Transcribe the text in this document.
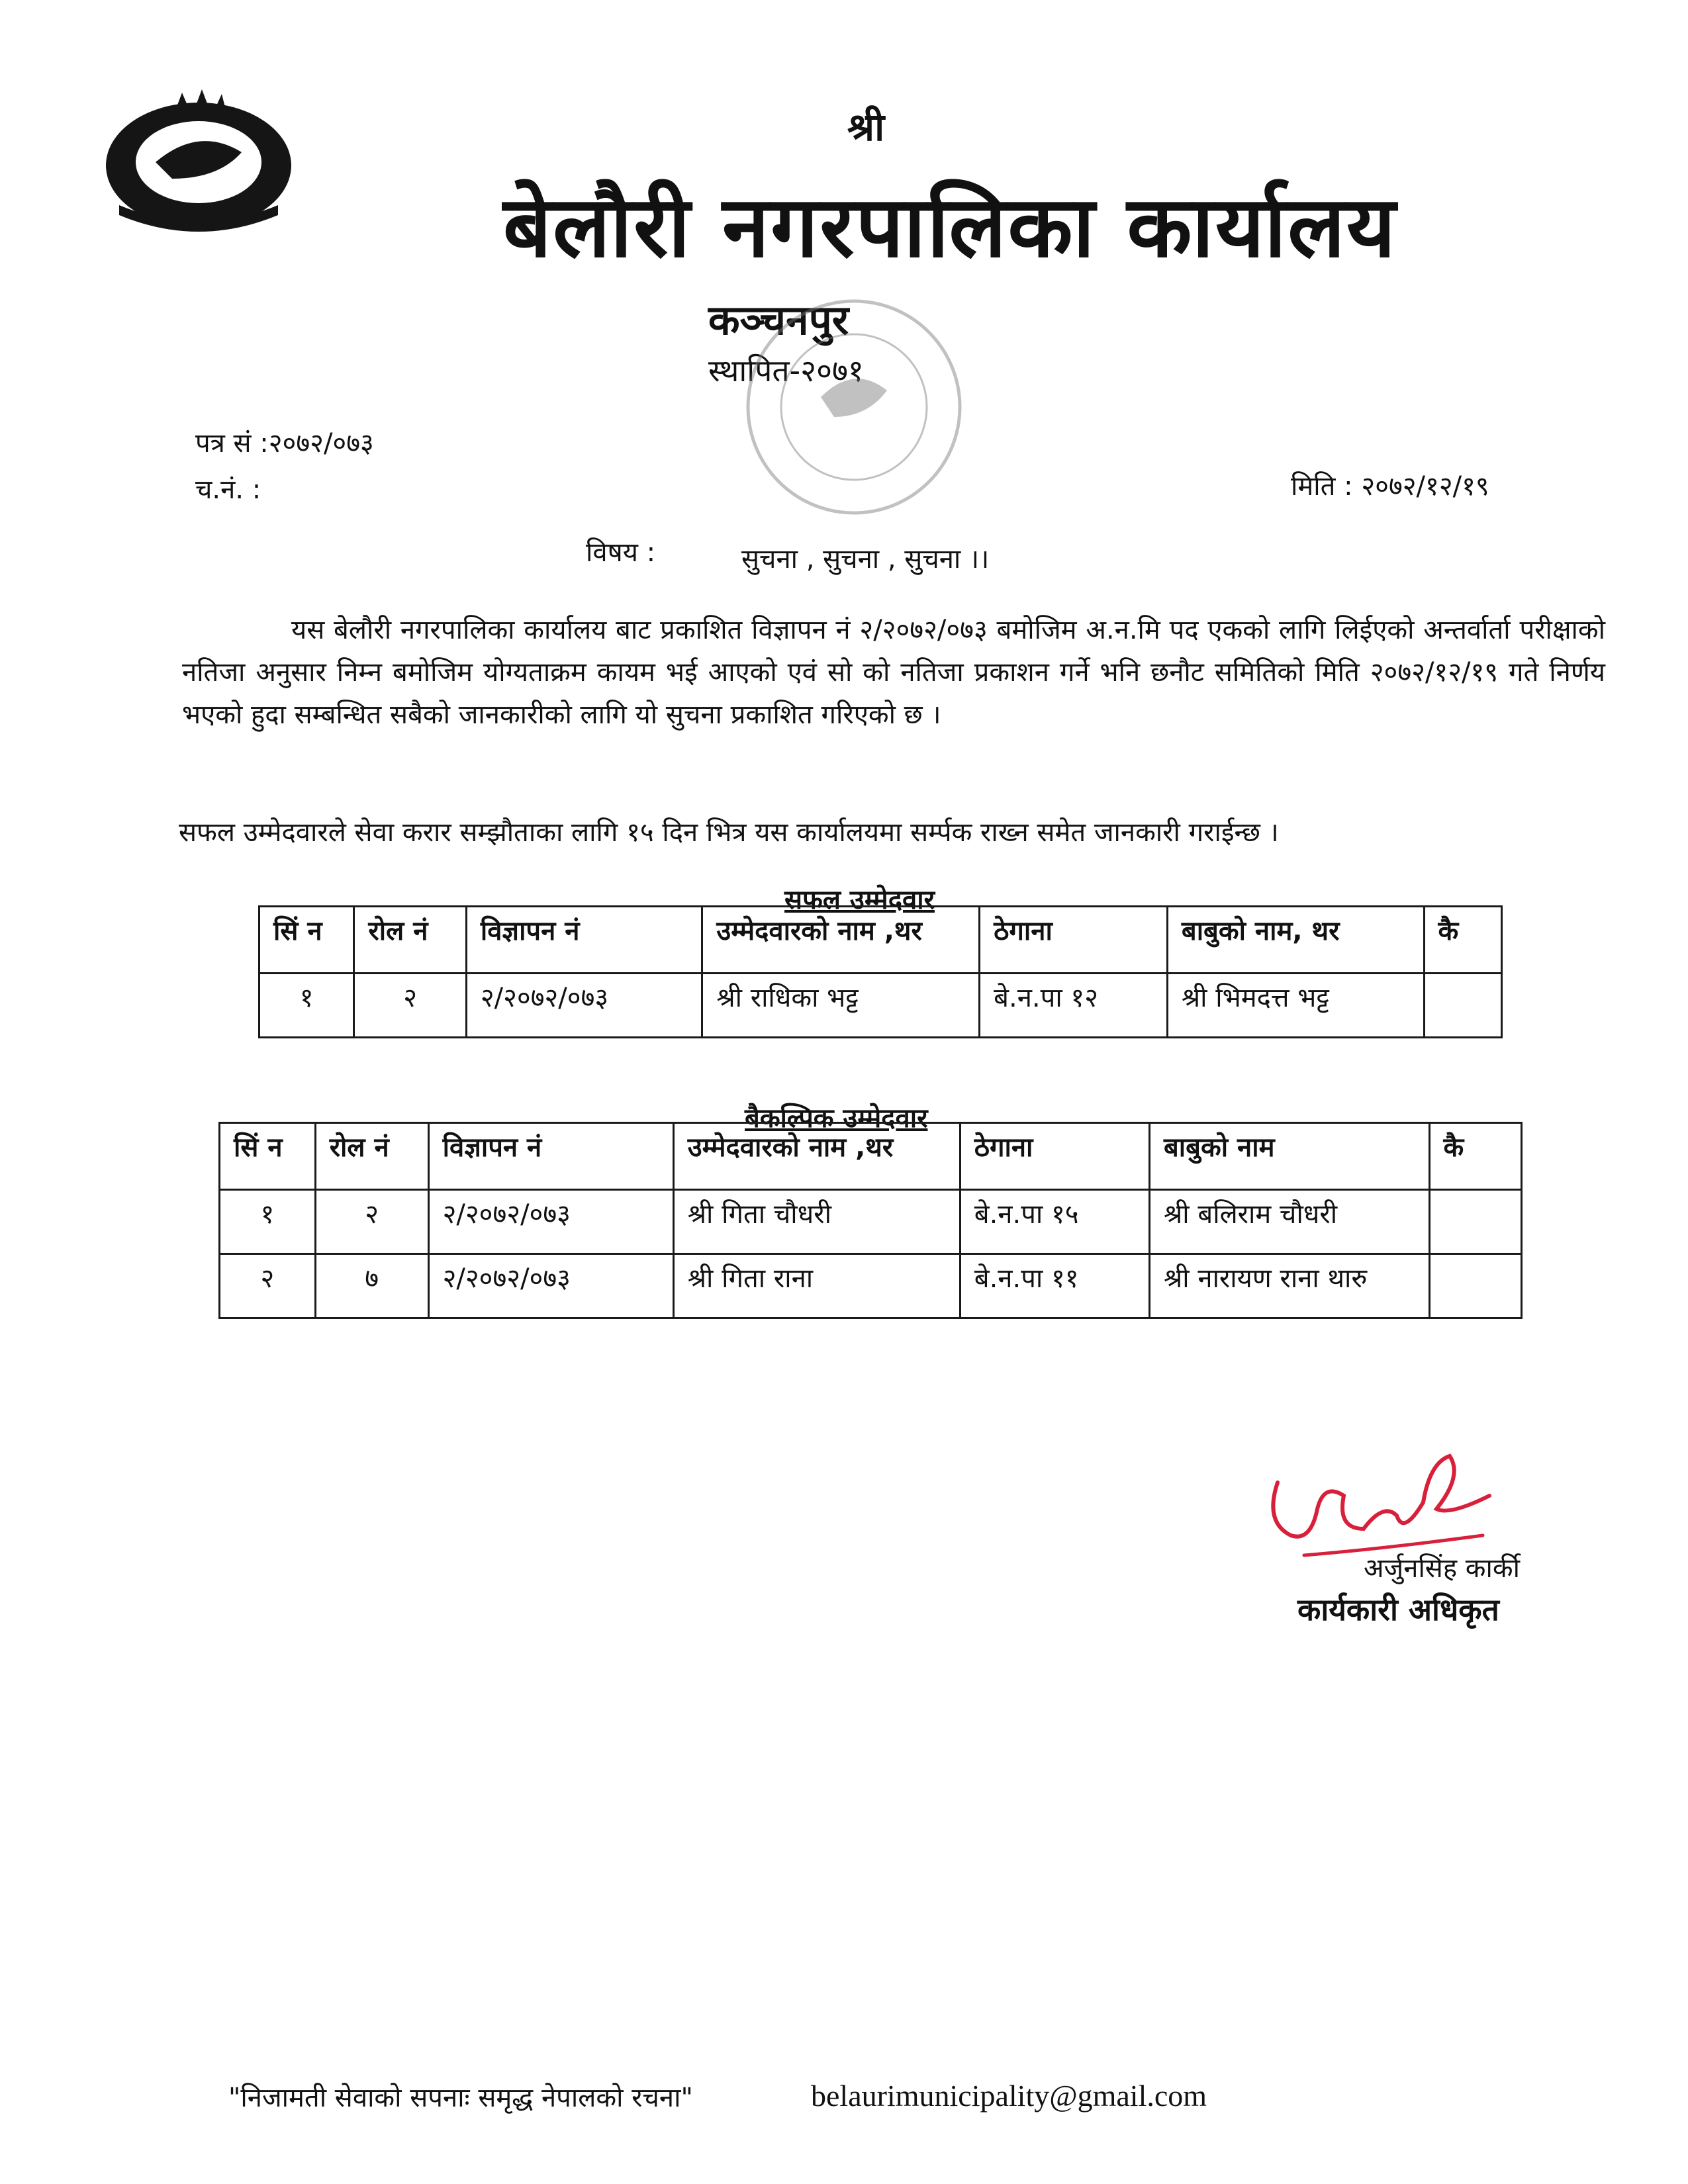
श्री
बेलौरी नगरपालिका कार्यालय
कञ्चनपुर
स्थापित-२०७१
पत्र सं :२०७२/०७३
च.नं. :	मिति : २०७२/१२/१९
विषय :	सुचना , सुचना , सुचना ।।
यस बेलौरी नगरपालिका कार्यालय बाट प्रकाशित विज्ञापन नं २/२०७२/०७३ बमोजिम अ.न.मि पद एकको लागि लिईएको अन्तर्वार्ता परीक्षाको नतिजा अनुसार निम्न बमोजिम योग्यताक्रम कायम भई आएको एवं सो को नतिजा प्रकाशन गर्ने भनि छनौट समितिको मिति २०७२/१२/१९ गते निर्णय भएको हुदा सम्बन्धित सबैको जानकारीको लागि यो सुचना प्रकाशित गरिएको छ ।
सफल उम्मेदवारले सेवा करार सम्झौताका लागि १५ दिन भित्र यस कार्यालयमा सर्म्पक राख्न समेत जानकारी गराईन्छ ।
सफल उम्मेदवार
सिं न	रोल नं	विज्ञापन नं	उम्मेदवारको नाम ,थर	ठेगाना	बाबुको नाम, थर	कै
१	२	२/२०७२/०७३	श्री राधिका भट्ट	बे.न.पा १२	श्री भिमदत्त भट्ट	
बैकल्पिक उम्मेदवार
सिं न	रोल नं	विज्ञापन नं	उम्मेदवारको नाम ,थर	ठेगाना	बाबुको नाम	कै
१	२	२/२०७२/०७३	श्री गिता चौधरी	बे.न.पा १५	श्री बलिराम चौधरी	
२	७	२/२०७२/०७३	श्री गिता राना	बे.न.पा ११	श्री नारायण राना थारु	
अर्जुनसिंह कार्की
कार्यकारी अधिकृत
"निजामती सेवाको सपनाः समृद्ध नेपालको रचना"	belaurimunicipality@gmail.com
